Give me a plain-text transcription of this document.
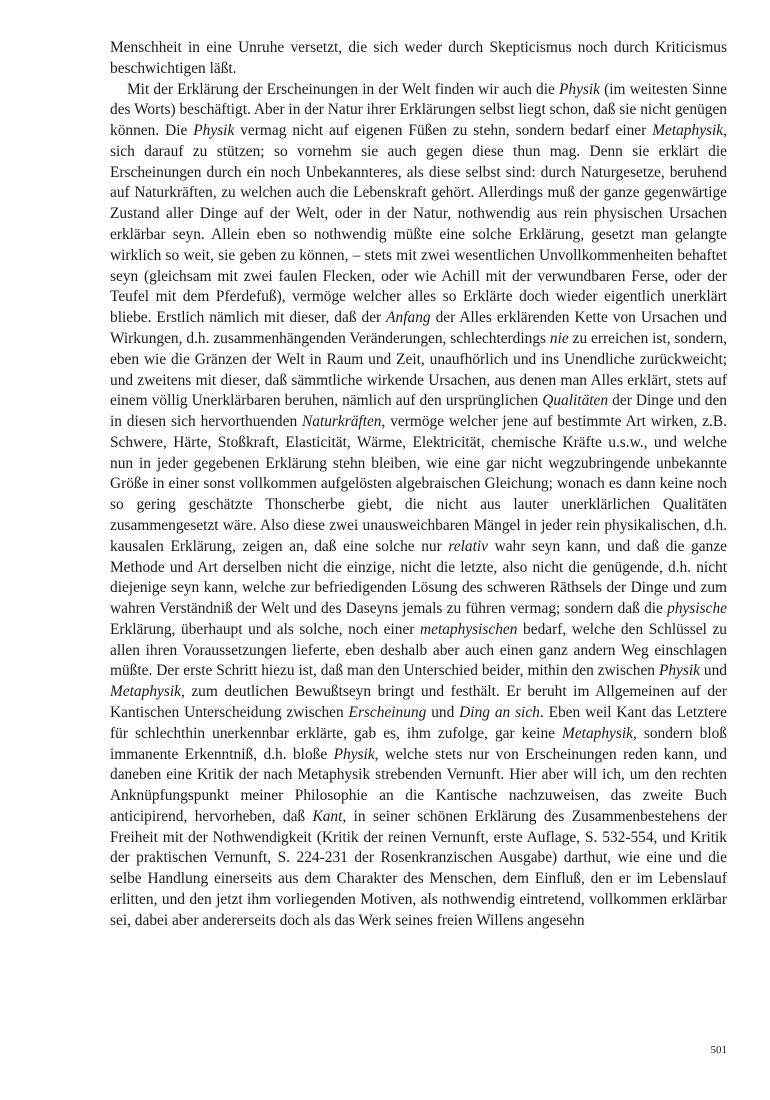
Menschheit in eine Unruhe versetzt, die sich weder durch Skepticismus noch durch Kriticismus beschwichtigen läßt.

Mit der Erklärung der Erscheinungen in der Welt finden wir auch die Physik (im weitesten Sinne des Worts) beschäftigt. Aber in der Natur ihrer Erklärungen selbst liegt schon, daß sie nicht genügen können. Die Physik vermag nicht auf eigenen Füßen zu stehn, sondern bedarf einer Metaphysik, sich darauf zu stützen; so vornehm sie auch gegen diese thun mag. Denn sie erklärt die Erscheinungen durch ein noch Unbekannteres, als diese selbst sind: durch Naturgesetze, beruhend auf Naturkräften, zu welchen auch die Lebenskraft gehört. Allerdings muß der ganze gegenwärtige Zustand aller Dinge auf der Welt, oder in der Natur, nothwendig aus rein physischen Ursachen erklärbar seyn. Allein eben so nothwendig müßte eine solche Erklärung, gesetzt man gelangte wirklich so weit, sie geben zu können, – stets mit zwei wesentlichen Unvollkommenheiten behaftet seyn (gleichsam mit zwei faulen Flecken, oder wie Achill mit der verwundbaren Ferse, oder der Teufel mit dem Pferdefuß), vermöge welcher alles so Erklärte doch wieder eigentlich unerklärt bliebe. Erstlich nämlich mit dieser, daß der Anfang der Alles erklärenden Kette von Ursachen und Wirkungen, d.h. zusammenhängenden Veränderungen, schlechterdings nie zu erreichen ist, sondern, eben wie die Gränzen der Welt in Raum und Zeit, unaufhörlich und ins Unendliche zurückweicht; und zweitens mit dieser, daß sämmtliche wirkende Ursachen, aus denen man Alles erklärt, stets auf einem völlig Unerklärbaren beruhen, nämlich auf den ursprünglichen Qualitäten der Dinge und den in diesen sich hervorthuenden Naturkräften, vermöge welcher jene auf bestimmte Art wirken, z.B. Schwere, Härte, Stoßkraft, Elasticität, Wärme, Elektricität, chemische Kräfte u.s.w., und welche nun in jeder gegebenen Erklärung stehn bleiben, wie eine gar nicht wegzubringende unbekannte Größe in einer sonst vollkommen aufgelösten algebraischen Gleichung; wonach es dann keine noch so gering geschätzte Thonscherbe giebt, die nicht aus lauter unerklärlichen Qualitäten zusammengesetzt wäre. Also diese zwei unausweichbaren Mängel in jeder rein physikalischen, d.h. kausalen Erklärung, zeigen an, daß eine solche nur relativ wahr seyn kann, und daß die ganze Methode und Art derselben nicht die einzige, nicht die letzte, also nicht die genügende, d.h. nicht diejenige seyn kann, welche zur befriedigenden Lösung des schweren Räthsels der Dinge und zum wahren Verständniß der Welt und des Daseyns jemals zu führen vermag; sondern daß die physische Erklärung, überhaupt und als solche, noch einer metaphysischen bedarf, welche den Schlüssel zu allen ihren Voraussetzungen lieferte, eben deshalb aber auch einen ganz andern Weg einschlagen müßte. Der erste Schritt hiezu ist, daß man den Unterschied beider, mithin den zwischen Physik und Metaphysik, zum deutlichen Bewußtseyn bringt und festhält. Er beruht im Allgemeinen auf der Kantischen Unterscheidung zwischen Erscheinung und Ding an sich. Eben weil Kant das Letztere für schlechthin unerkennbar erklärte, gab es, ihm zufolge, gar keine Metaphysik, sondern bloß immanente Erkenntniß, d.h. bloße Physik, welche stets nur von Erscheinungen reden kann, und daneben eine Kritik der nach Metaphysik strebenden Vernunft. Hier aber will ich, um den rechten Anknüpfungspunkt meiner Philosophie an die Kantische nachzuweisen, das zweite Buch anticipirend, hervorheben, daß Kant, in seiner schönen Erklärung des Zusammenbestehens der Freiheit mit der Nothwendigkeit (Kritik der reinen Vernunft, erste Auflage, S. 532-554, und Kritik der praktischen Vernunft, S. 224-231 der Rosenkranzischen Ausgabe) darthut, wie eine und die selbe Handlung einerseits aus dem Charakter des Menschen, dem Einfluß, den er im Lebenslauf erlitten, und den jetzt ihm vorliegenden Motiven, als nothwendig eintretend, vollkommen erklärbar sei, dabei aber andererseits doch als das Werk seines freien Willens angesehn

501
